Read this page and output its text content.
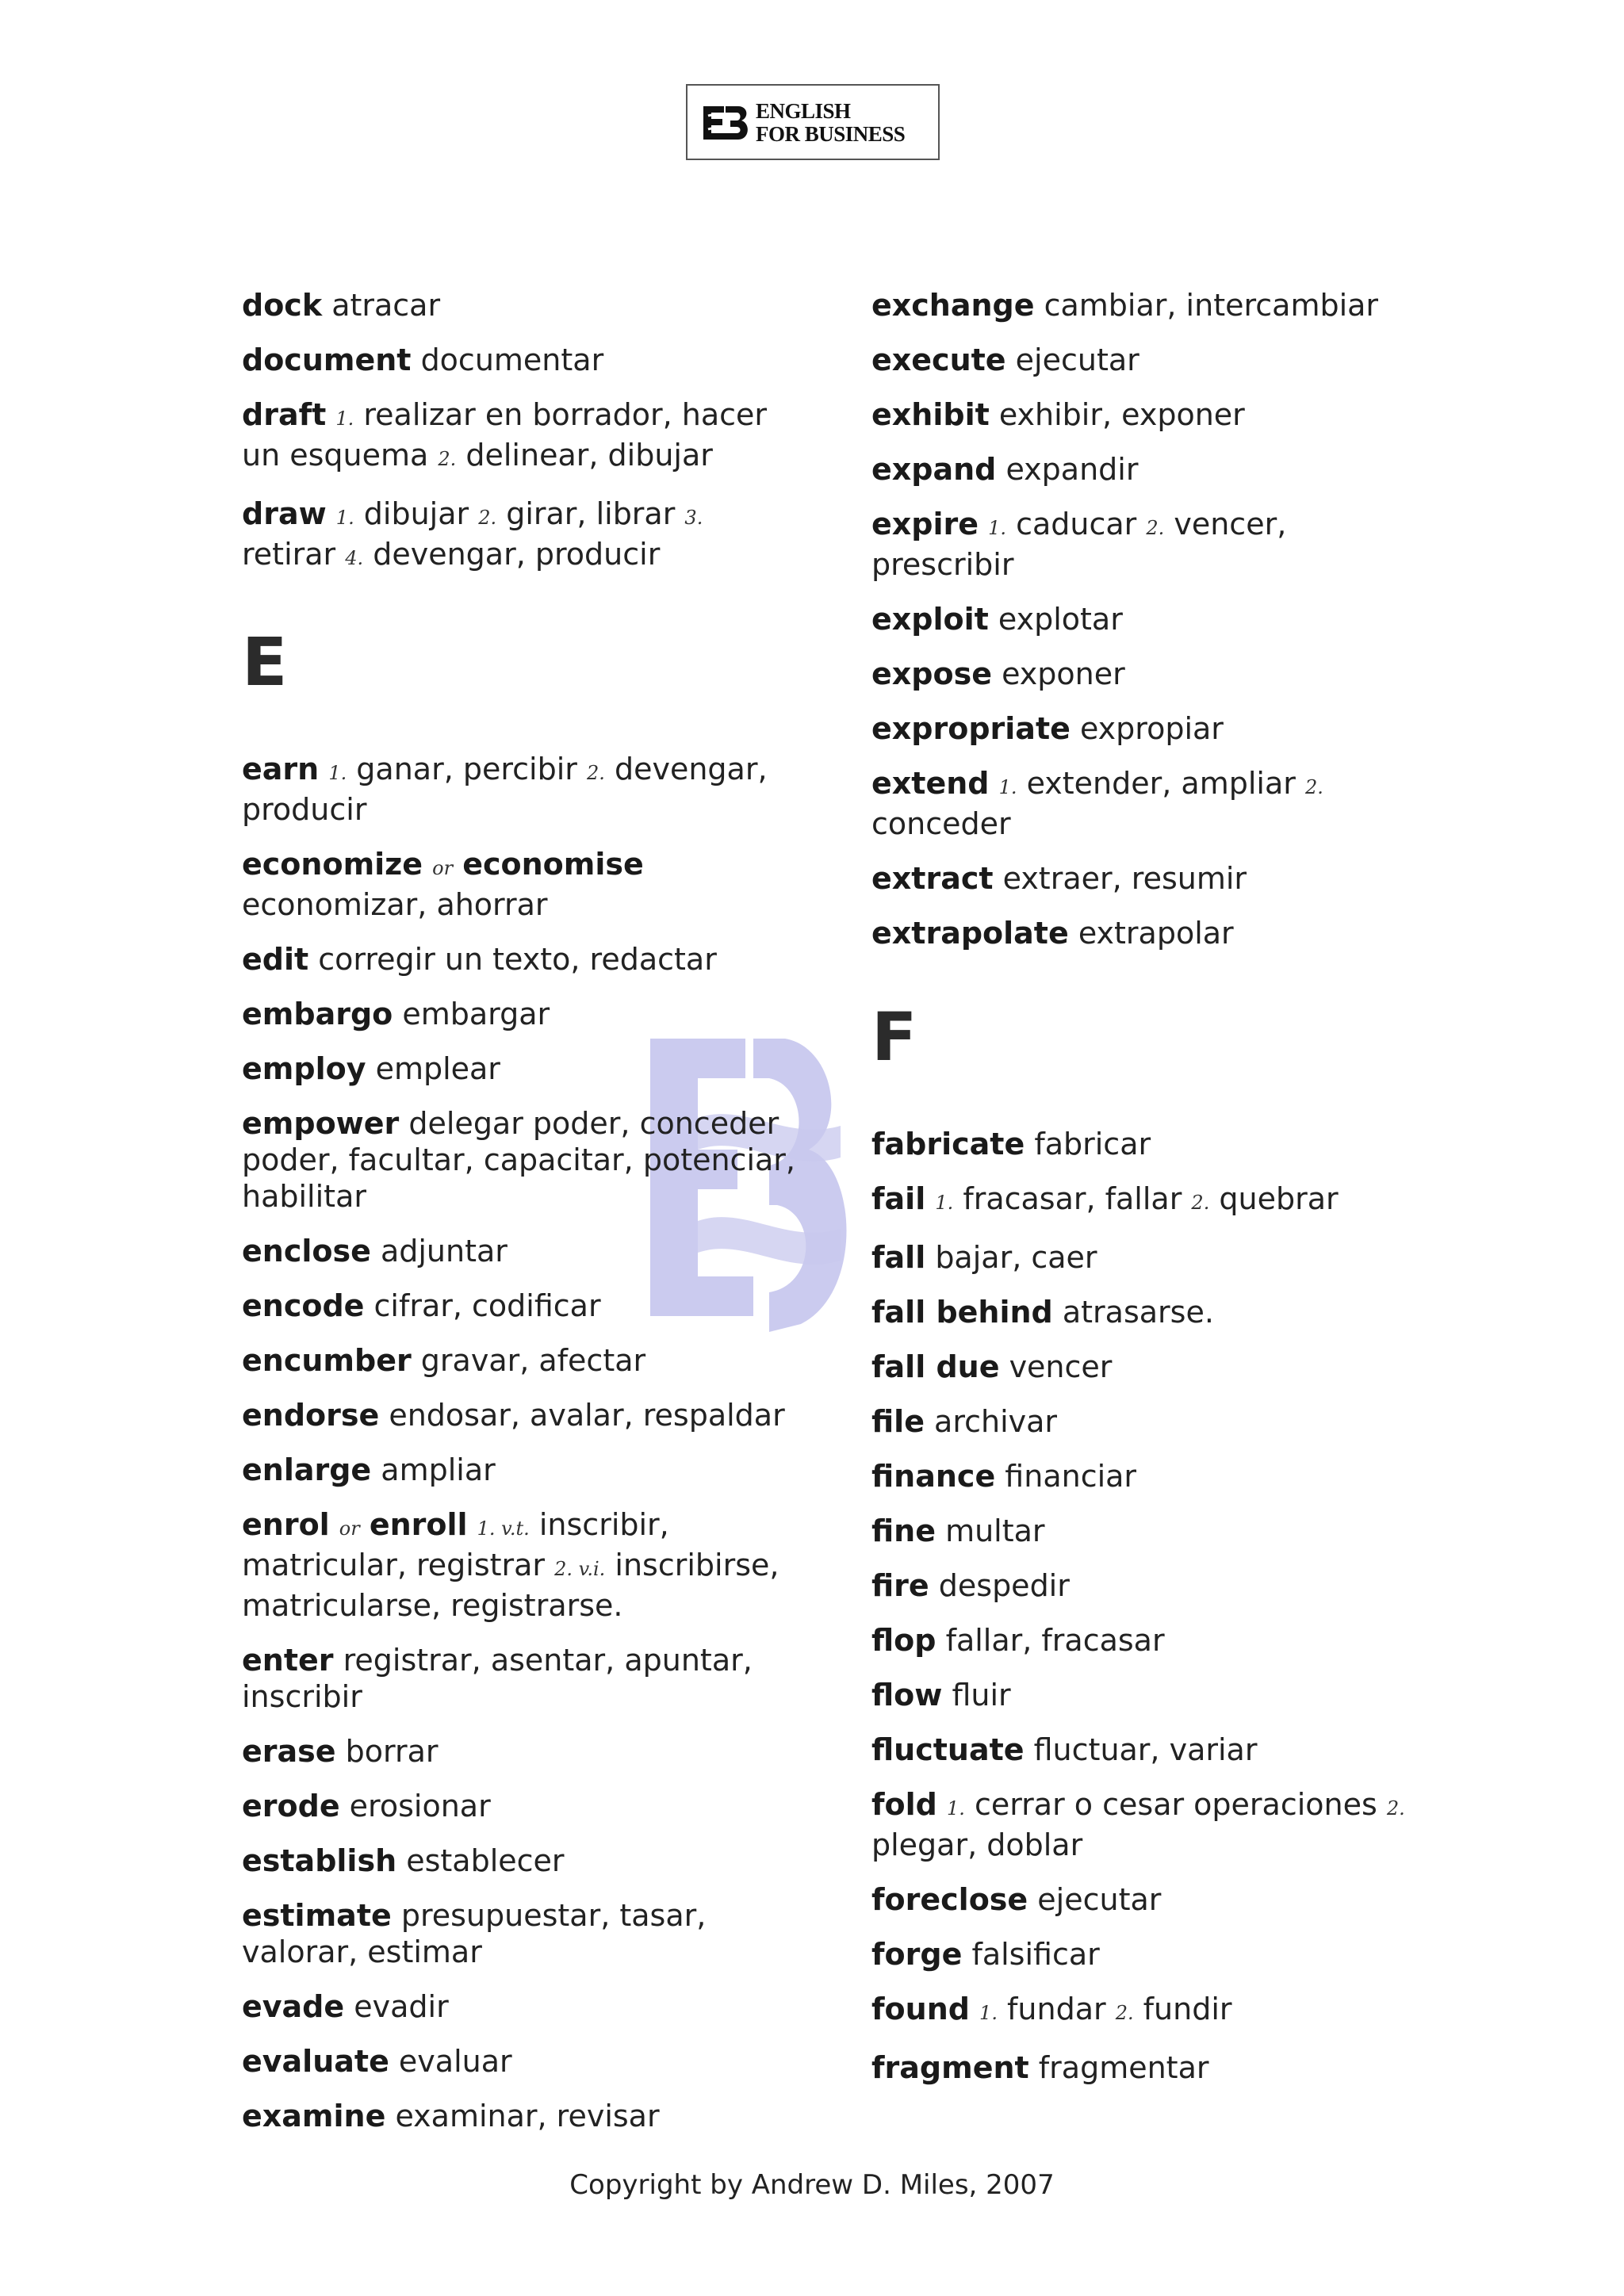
ENGLISH
FOR BUSINESS
dock atracar
document documentar
draft 1. realizar en borrador, hacer un esquema 2. delinear, dibujar
draw 1. dibujar 2. girar, librar 3. retirar 4. devengar, producir
E
earn 1. ganar, percibir 2. devengar, producir
economize or economise economizar, ahorrar
edit corregir un texto, redactar
embargo embargar
employ emplear
empower delegar poder, conceder poder, facultar, capacitar, potenciar, habilitar
enclose adjuntar
encode cifrar, codificar
encumber gravar, afectar
endorse endosar, avalar, respaldar
enlarge ampliar
enrol or enroll 1. v.t. inscribir, matricular, registrar 2. v.i. inscribirse, matricularse, registrarse.
enter registrar, asentar, apuntar, inscribir
erase borrar
erode erosionar
establish establecer
estimate presupuestar, tasar, valorar, estimar
evade evadir
evaluate evaluar
examine examinar, revisar
exchange cambiar, intercambiar
execute ejecutar
exhibit exhibir, exponer
expand expandir
expire 1. caducar 2. vencer, prescribir
exploit explotar
expose exponer
expropriate expropiar
extend 1. extender, ampliar 2. conceder
extract extraer, resumir
extrapolate extrapolar
F
fabricate fabricar
fail 1. fracasar, fallar 2. quebrar
fall bajar, caer
fall behind atrasarse.
fall due vencer
file archivar
finance financiar
fine multar
fire despedir
flop fallar, fracasar
flow fluir
fluctuate fluctuar, variar
fold 1. cerrar o cesar operaciones 2. plegar, doblar
foreclose ejecutar
forge falsificar
found 1. fundar 2. fundir
fragment fragmentar
Copyright by Andrew D. Miles, 2007
